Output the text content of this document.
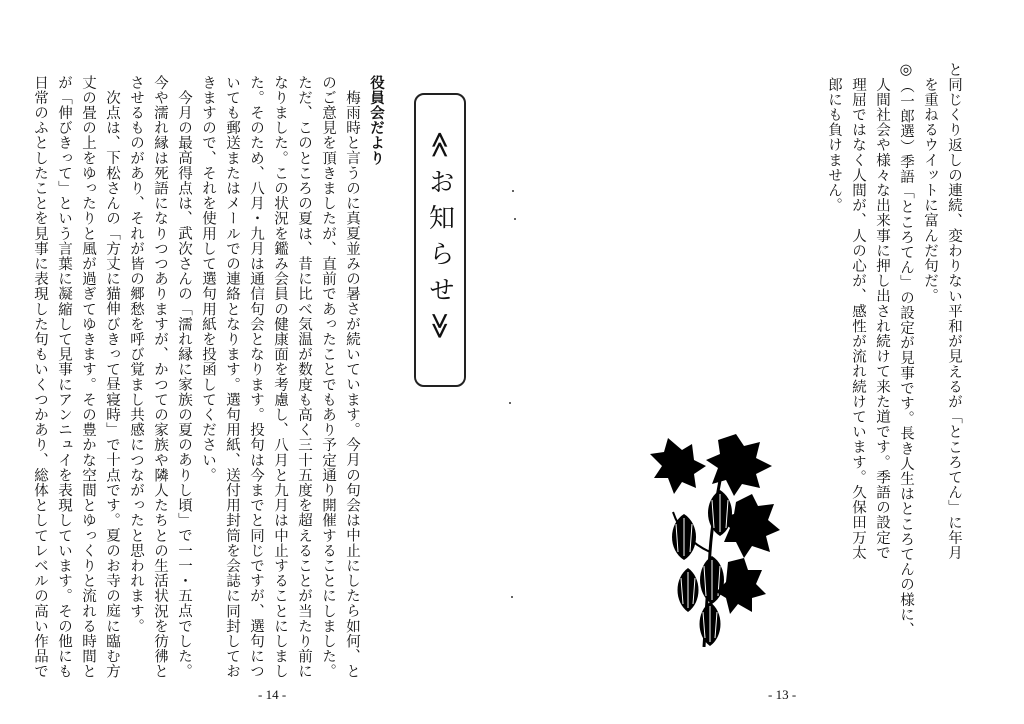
と同じくり返しの連続、変わりない平和が見えるが「ところてん」に年月

を重ねるウイットに富んだ句だ。

◎（一郎選）季語「ところてん」の設定が見事です。長き人生はところてんの様に、

人間社会や様々な出来事に押し出され続けて来た道です。季語の設定で

理屈ではなく人間が、人の心が、感性が流れ続けています。久保田万太

郎にも負けません。

≪お知らせ≫

役員会だより

梅雨時と言うのに真夏並みの暑さが続いています。今月の句会は中止にしたら如何、と

のご意見を頂きましたが、直前であったことでもあり予定通り開催することにしました。

ただ、このところの夏は、昔に比べ気温が数度も高く三十五度を超えることが当たり前に

なりました。この状況を鑑み会員の健康面を考慮し、八月と九月は中止することにしまし

た。そのため、八月・九月は通信句会となります。投句は今までと同じですが、選句につ

いても郵送またはメールでの連絡となります。選句用紙、送付用封筒を会誌に同封してお

きますので、それを使用して選句用紙を投函してください。

今月の最高得点は、武次さんの「濡れ縁に家族の夏のありし頃」で一一・五点でした。

今や濡れ縁は死語になりつつありますが、かつての家族や隣人たちとの生活状況を彷彿と

させるものがあり、それが皆の郷愁を呼び覚まし共感につながったと思われます。

次点は、下松さんの「方丈に猫伸びきって昼寝時」で十点です。夏のお寺の庭に臨む方

丈の畳の上をゆったりと風が過ぎてゆきます。その豊かな空間とゆっくりと流れる時間と

が「伸びきって」という言葉に凝縮して見事にアンニュイを表現しています。その他にも

日常のふとしたことを見事に表現した句もいくつかあり、総体としてレベルの高い作品で

- 14 -	- 13 -
